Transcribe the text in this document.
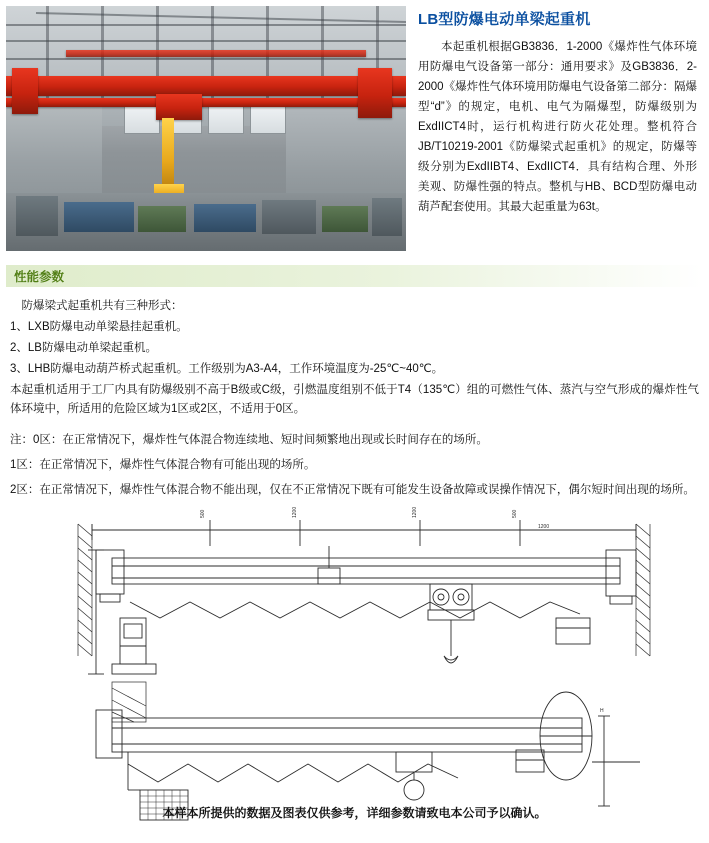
LB型防爆电动单梁起重机

本起重机根据GB3836．1-2000《爆炸性气体环境用防爆电气设备第一部分：通用要求》及GB3836．2-2000《爆炸性气体环境用防爆电气设备第二部分：隔爆型“d”》的规定，电机、电气为隔爆型，防爆级别为ExdIICT4时，运行机构进行防火花处理。整机符合JB/T10219-2001《防爆梁式起重机》的规定，防爆等级分别为ExdIIBT4、ExdIICT4．具有结构合理、外形美观、防爆性强的特点。整机与HB、BCD型防爆电动葫芦配套使用。其最大起重量为63t。

性能参数

防爆梁式起重机共有三种形式：

1、LXB防爆电动单梁悬挂起重机。

2、LB防爆电动单梁起重机。

3、LHB防爆电动葫芦桥式起重机。工作级别为A3-A4，工作环境温度为-25℃~40℃。

本起重机适用于工厂内具有防爆级别不高于B级或C级，引燃温度组别不低于T4（135℃）组的可燃性气体、蒸汽与空气形成的爆炸性气体环境中，所适用的危险区域为1区或2区，不适用于0区。

注：0区：在正常情况下，爆炸性气体混合物连续地、短时间频繁地出现或长时间存在的场所。

1区：在正常情况下，爆炸性气体混合物有可能出现的场所。

2区：在正常情况下，爆炸性气体混合物不能出现，仅在不正常情况下既有可能发生设备故障或误操作情况下，偶尔短时间出现的场所。

500	1200	1200	500
1200
H
本样本所提供的数据及图表仅供参考，详细参数请致电本公司予以确认。
